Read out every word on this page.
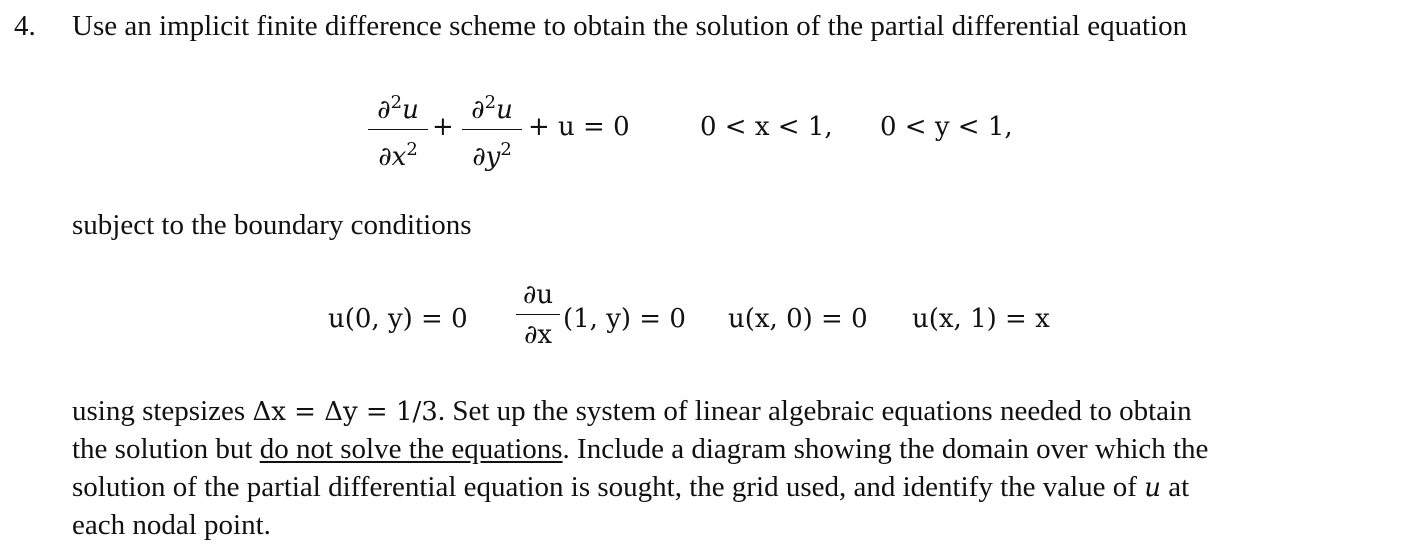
4. Use an implicit finite difference scheme to obtain the solution of the partial differential equation
∂$^2$u
$\partial x^2$
+
∂$^2$u
$\partial y^2$
+ u = 0	0 < x < 1, 0 < y < 1,
subject to the boundary conditions
u(0, y) = 0
∂u
∂x
(1, y) = 0 u(x, 0) = 0 u(x, 1) = x
using stepsizes Δx = Δy = 1/3. Set up the system of linear algebraic equations needed to obtain
the solution but do not solve the equations. Include a diagram showing the domain over which the
solution of the partial differential equation is sought, the grid used, and identify the value of u at
each nodal point.
